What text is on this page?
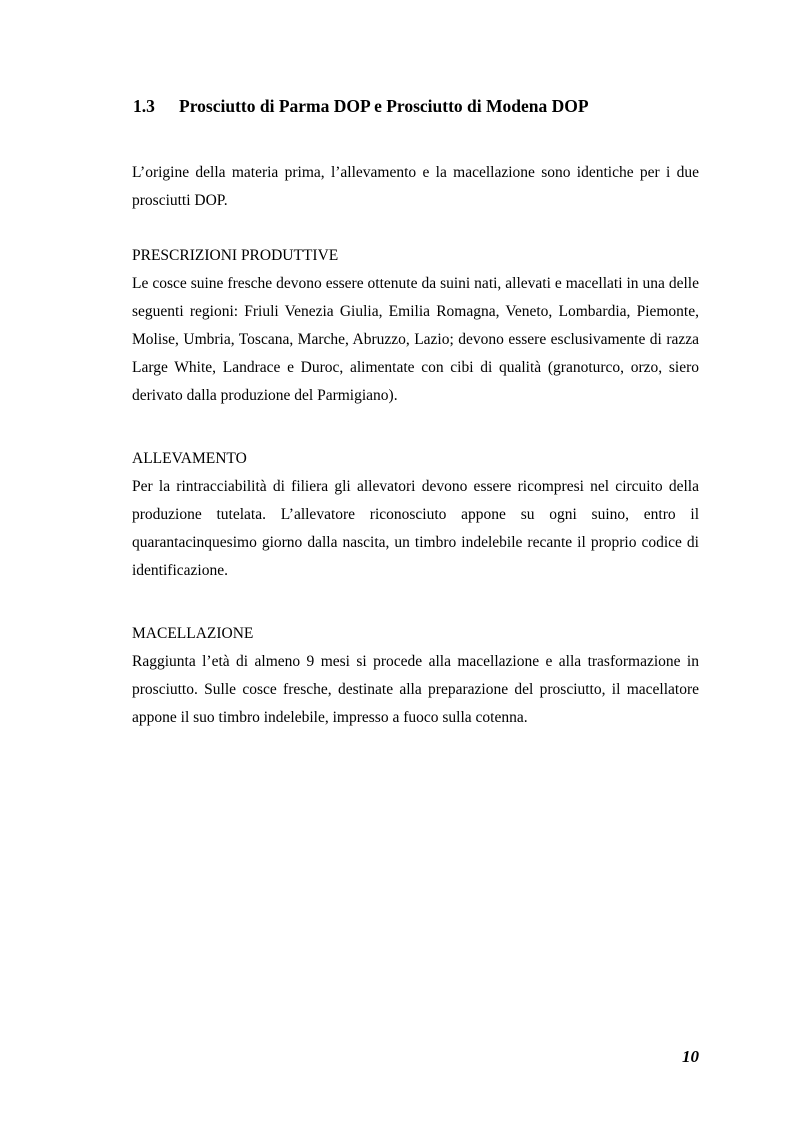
1.3 Prosciutto di Parma DOP e Prosciutto di Modena DOP

L’origine della materia prima, l’allevamento e la macellazione sono identiche per i due prosciutti DOP.

PRESCRIZIONI PRODUTTIVE

Le cosce suine fresche devono essere ottenute da suini nati, allevati e macellati in una delle seguenti regioni: Friuli Venezia Giulia, Emilia Romagna, Veneto, Lombardia, Piemonte, Molise, Umbria, Toscana, Marche, Abruzzo, Lazio; devono essere esclusivamente di razza Large White, Landrace e Duroc, alimentate con cibi di qualità (granoturco, orzo, siero derivato dalla produzione del Parmigiano).

ALLEVAMENTO

Per la rintracciabilità di filiera gli allevatori devono essere ricompresi nel circuito della produzione tutelata. L’allevatore riconosciuto appone su ogni suino, entro il quarantacinquesimo giorno dalla nascita, un timbro indelebile recante il proprio codice di identificazione.

MACELLAZIONE

Raggiunta l’età di almeno 9 mesi si procede alla macellazione e alla trasformazione in prosciutto. Sulle cosce fresche, destinate alla preparazione del prosciutto, il macellatore appone il suo timbro indelebile, impresso a fuoco sulla cotenna.

10
